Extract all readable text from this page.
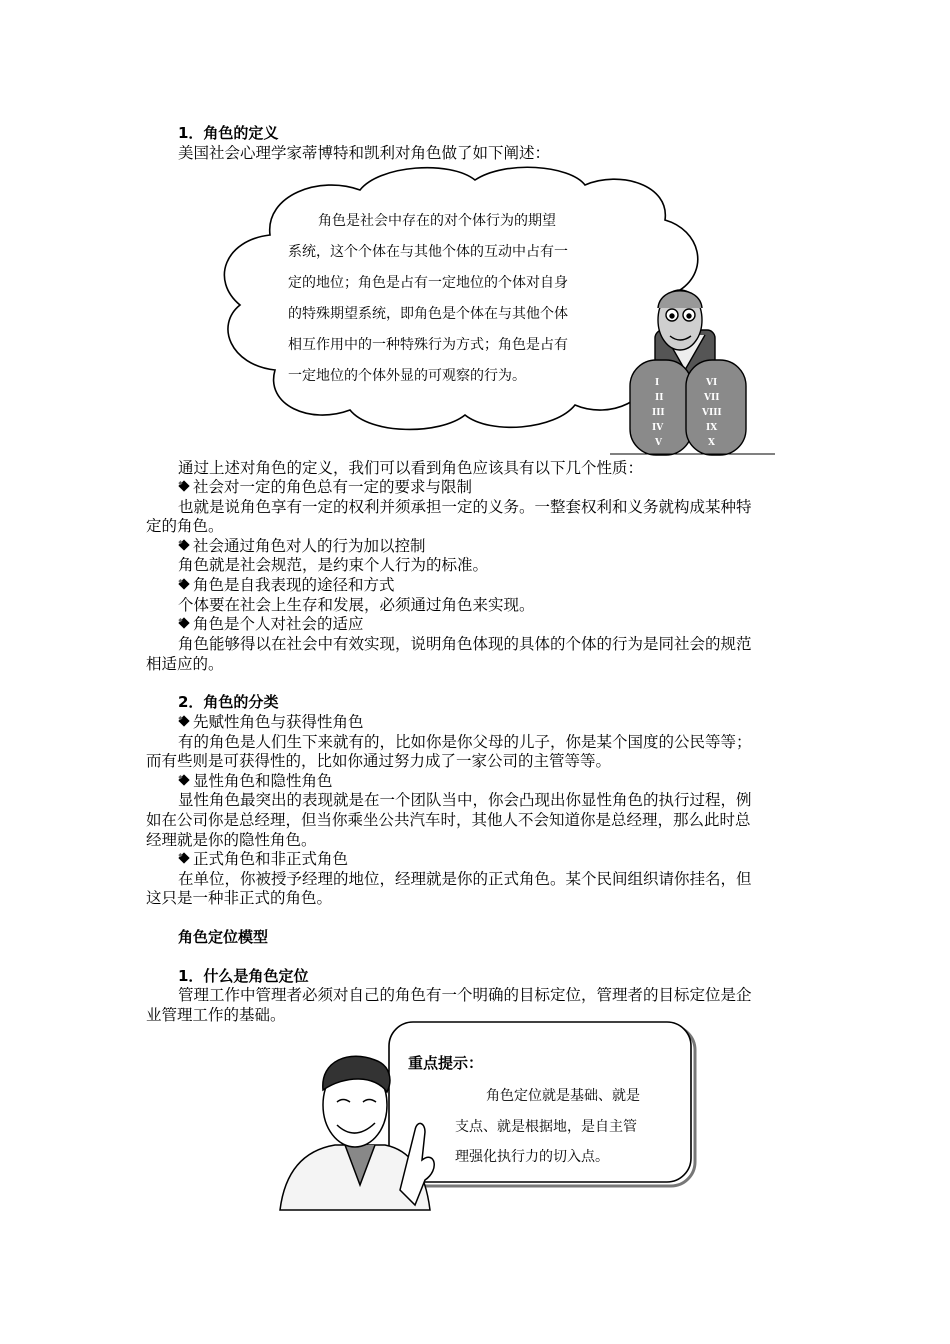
1．角色的定义
美国社会心理学家蒂博特和凯利对角色做了如下阐述：
I
II
III
IV
V
VI
VII
VIII
IX
X
角色是社会中存在的对个体行为的期望
系统，这个个体在与其他个体的互动中占有一
定的地位；角色是占有一定地位的个体对自身
的特殊期望系统，即角色是个体在与其他个体
相互作用中的一种特殊行为方式；角色是占有
一定地位的个体外显的可观察的行为。
通过上述对角色的定义，我们可以看到角色应该具有以下几个性质：
社会对一定的角色总有一定的要求与限制
也就是说角色享有一定的权利并须承担一定的义务。一整套权利和义务就构成某种特
定的角色。
社会通过角色对人的行为加以控制
角色就是社会规范，是约束个人行为的标准。
角色是自我表现的途径和方式
个体要在社会上生存和发展，必须通过角色来实现。
角色是个人对社会的适应
角色能够得以在社会中有效实现，说明角色体现的具体的个体的行为是同社会的规范
相适应的。
2．角色的分类
先赋性角色与获得性角色
有的角色是人们生下来就有的，比如你是你父母的儿子，你是某个国度的公民等等；
而有些则是可获得性的，比如你通过努力成了一家公司的主管等等。
显性角色和隐性角色
显性角色最突出的表现就是在一个团队当中，你会凸现出你显性角色的执行过程，例
如在公司你是总经理，但当你乘坐公共汽车时，其他人不会知道你是总经理，那么此时总
经理就是你的隐性角色。
正式角色和非正式角色
在单位，你被授予经理的地位，经理就是你的正式角色。某个民间组织请你挂名，但
这只是一种非正式的角色。
角色定位模型
1．什么是角色定位
管理工作中管理者必须对自己的角色有一个明确的目标定位，管理者的目标定位是企
业管理工作的基础。
重点提示：
角色定位就是基础、就是
支点、就是根据地，是自主管
理强化执行力的切入点。
